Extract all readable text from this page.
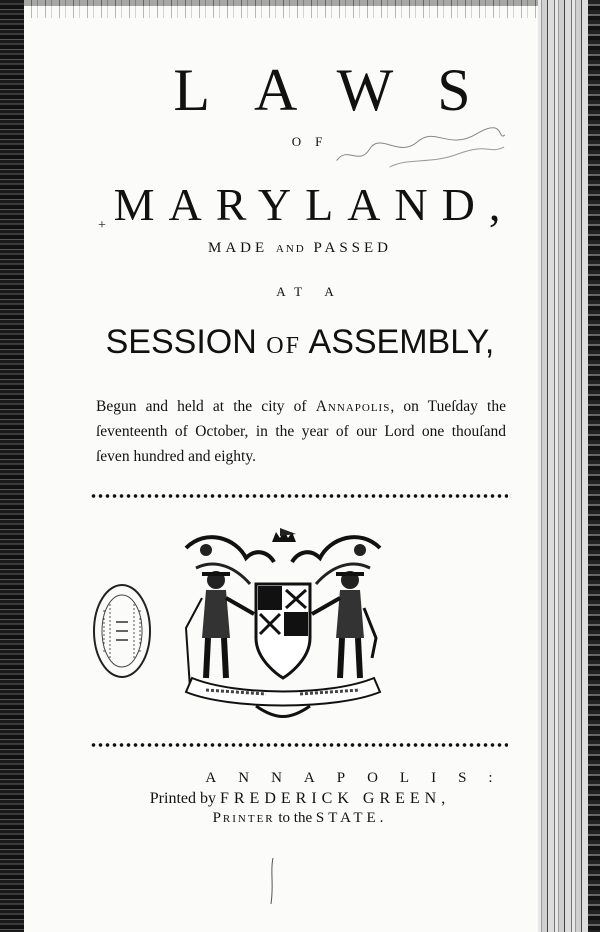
LAWS
OF
+ MARYLAND,
MADE AND PASSED
AT A
SESSION OF ASSEMBLY,
Begun and held at the city of Annapolis, on Tueſday the ſeventeenth of October, in the year of our Lord one thouſand ſeven hundred and eighty.
ANNAPOLIS:
Printed by FREDERICK GREEN,
Printer to the STATE.
